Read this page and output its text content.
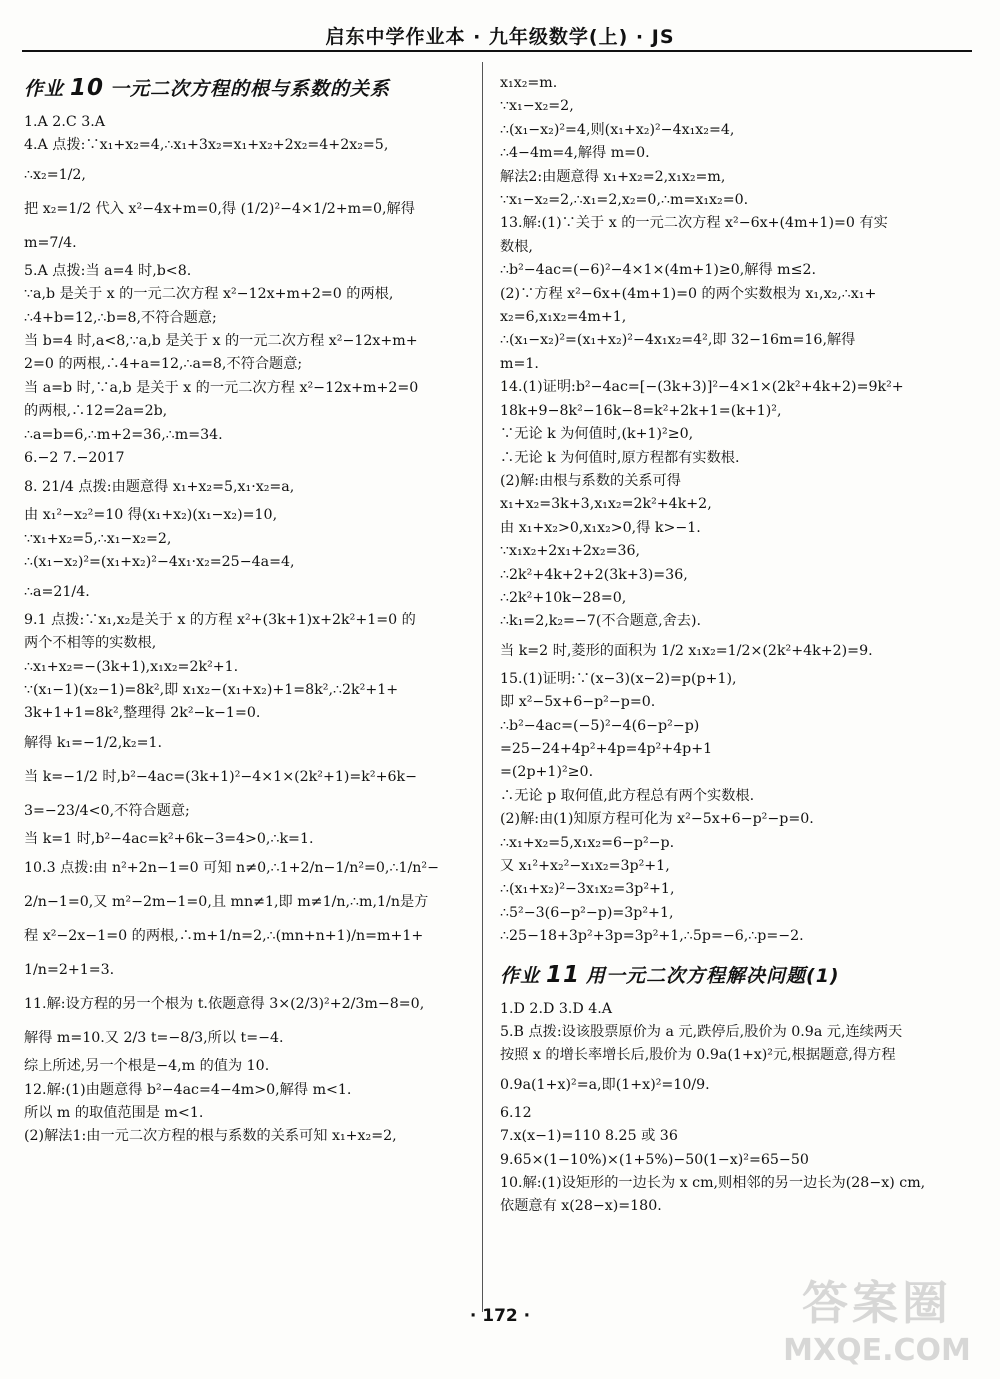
启东中学作业本 · 九年级数学(上) · JS
作业 10 一元二次方程的根与系数的关系
1.A 2.C 3.A
4.A 点拨:∵x₁+x₂=4,∴x₁+3x₂=x₁+x₂+2x₂=4+2x₂=5,
∴x₂=1/2,
把 x₂=1/2 代入 x²−4x+m=0,得 (1/2)²−4×1/2+m=0,解得
m=7/4.
5.A 点拨:当 a=4 时,b<8.
∵a,b 是关于 x 的一元二次方程 x²−12x+m+2=0 的两根,
∴4+b=12,∴b=8,不符合题意;
当 b=4 时,a<8,∵a,b 是关于 x 的一元二次方程 x²−12x+m+
2=0 的两根,∴4+a=12,∴a=8,不符合题意;
当 a=b 时,∵a,b 是关于 x 的一元二次方程 x²−12x+m+2=0
的两根,∴12=2a=2b,
∴a=b=6,∴m+2=36,∴m=34.
6.−2 7.−2017
8. 21/4 点拨:由题意得 x₁+x₂=5,x₁·x₂=a,
由 x₁²−x₂²=10 得(x₁+x₂)(x₁−x₂)=10,
∵x₁+x₂=5,∴x₁−x₂=2,
∴(x₁−x₂)²=(x₁+x₂)²−4x₁·x₂=25−4a=4,
∴a=21/4.
9.1 点拨:∵x₁,x₂是关于 x 的方程 x²+(3k+1)x+2k²+1=0 的
两个不相等的实数根,
∴x₁+x₂=−(3k+1),x₁x₂=2k²+1.
∵(x₁−1)(x₂−1)=8k²,即 x₁x₂−(x₁+x₂)+1=8k²,∴2k²+1+
3k+1+1=8k²,整理得 2k²−k−1=0.
解得 k₁=−1/2,k₂=1.
当 k=−1/2 时,b²−4ac=(3k+1)²−4×1×(2k²+1)=k²+6k−
3=−23/4<0,不符合题意;
当 k=1 时,b²−4ac=k²+6k−3=4>0,∴k=1.
10.3 点拨:由 n²+2n−1=0 可知 n≠0,∴1+2/n−1/n²=0,∴1/n²−
2/n−1=0,又 m²−2m−1=0,且 mn≠1,即 m≠1/n,∴m,1/n是方
程 x²−2x−1=0 的两根,∴m+1/n=2,∴(mn+n+1)/n=m+1+
1/n=2+1=3.
11.解:设方程的另一个根为 t.依题意得 3×(2/3)²+2/3m−8=0,
解得 m=10.又 2/3 t=−8/3,所以 t=−4.
综上所述,另一个根是−4,m 的值为 10.
12.解:(1)由题意得 b²−4ac=4−4m>0,解得 m<1.
所以 m 的取值范围是 m<1.
(2)解法1:由一元二次方程的根与系数的关系可知 x₁+x₂=2,
x₁x₂=m.
∵x₁−x₂=2,
∴(x₁−x₂)²=4,则(x₁+x₂)²−4x₁x₂=4,
∴4−4m=4,解得 m=0.
解法2:由题意得 x₁+x₂=2,x₁x₂=m,
∵x₁−x₂=2,∴x₁=2,x₂=0,∴m=x₁x₂=0.
13.解:(1)∵关于 x 的一元二次方程 x²−6x+(4m+1)=0 有实
数根,
∴b²−4ac=(−6)²−4×1×(4m+1)≥0,解得 m≤2.
(2)∵方程 x²−6x+(4m+1)=0 的两个实数根为 x₁,x₂,∴x₁+
x₂=6,x₁x₂=4m+1,
∴(x₁−x₂)²=(x₁+x₂)²−4x₁x₂=4²,即 32−16m=16,解得
m=1.
14.(1)证明:b²−4ac=[−(3k+3)]²−4×1×(2k²+4k+2)=9k²+
18k+9−8k²−16k−8=k²+2k+1=(k+1)²,
∵无论 k 为何值时,(k+1)²≥0,
∴无论 k 为何值时,原方程都有实数根.
(2)解:由根与系数的关系可得
x₁+x₂=3k+3,x₁x₂=2k²+4k+2,
由 x₁+x₂>0,x₁x₂>0,得 k>−1.
∵x₁x₂+2x₁+2x₂=36,
∴2k²+4k+2+2(3k+3)=36,
∴2k²+10k−28=0,
∴k₁=2,k₂=−7(不合题意,舍去).
当 k=2 时,菱形的面积为 1/2 x₁x₂=1/2×(2k²+4k+2)=9.
15.(1)证明:∵(x−3)(x−2)=p(p+1),
即 x²−5x+6−p²−p=0.
∴b²−4ac=(−5)²−4(6−p²−p)
=25−24+4p²+4p=4p²+4p+1
=(2p+1)²≥0.
∴无论 p 取何值,此方程总有两个实数根.
(2)解:由(1)知原方程可化为 x²−5x+6−p²−p=0.
∴x₁+x₂=5,x₁x₂=6−p²−p.
又 x₁²+x₂²−x₁x₂=3p²+1,
∴(x₁+x₂)²−3x₁x₂=3p²+1,
∴5²−3(6−p²−p)=3p²+1,
∴25−18+3p²+3p=3p²+1,∴5p=−6,∴p=−2.
作业 11 用一元二次方程解决问题(1)
1.D 2.D 3.D 4.A
5.B 点拨:设该股票原价为 a 元,跌停后,股价为 0.9a 元,连续两天
按照 x 的增长率增长后,股价为 0.9a(1+x)²元,根据题意,得方程
0.9a(1+x)²=a,即(1+x)²=10/9.
6.12
7.x(x−1)=110 8.25 或 36
9.65×(1−10%)×(1+5%)−50(1−x)²=65−50
10.解:(1)设矩形的一边长为 x cm,则相邻的另一边长为(28−x) cm,
依题意有 x(28−x)=180.
· 172 ·	答案圈
MXQE.COM
